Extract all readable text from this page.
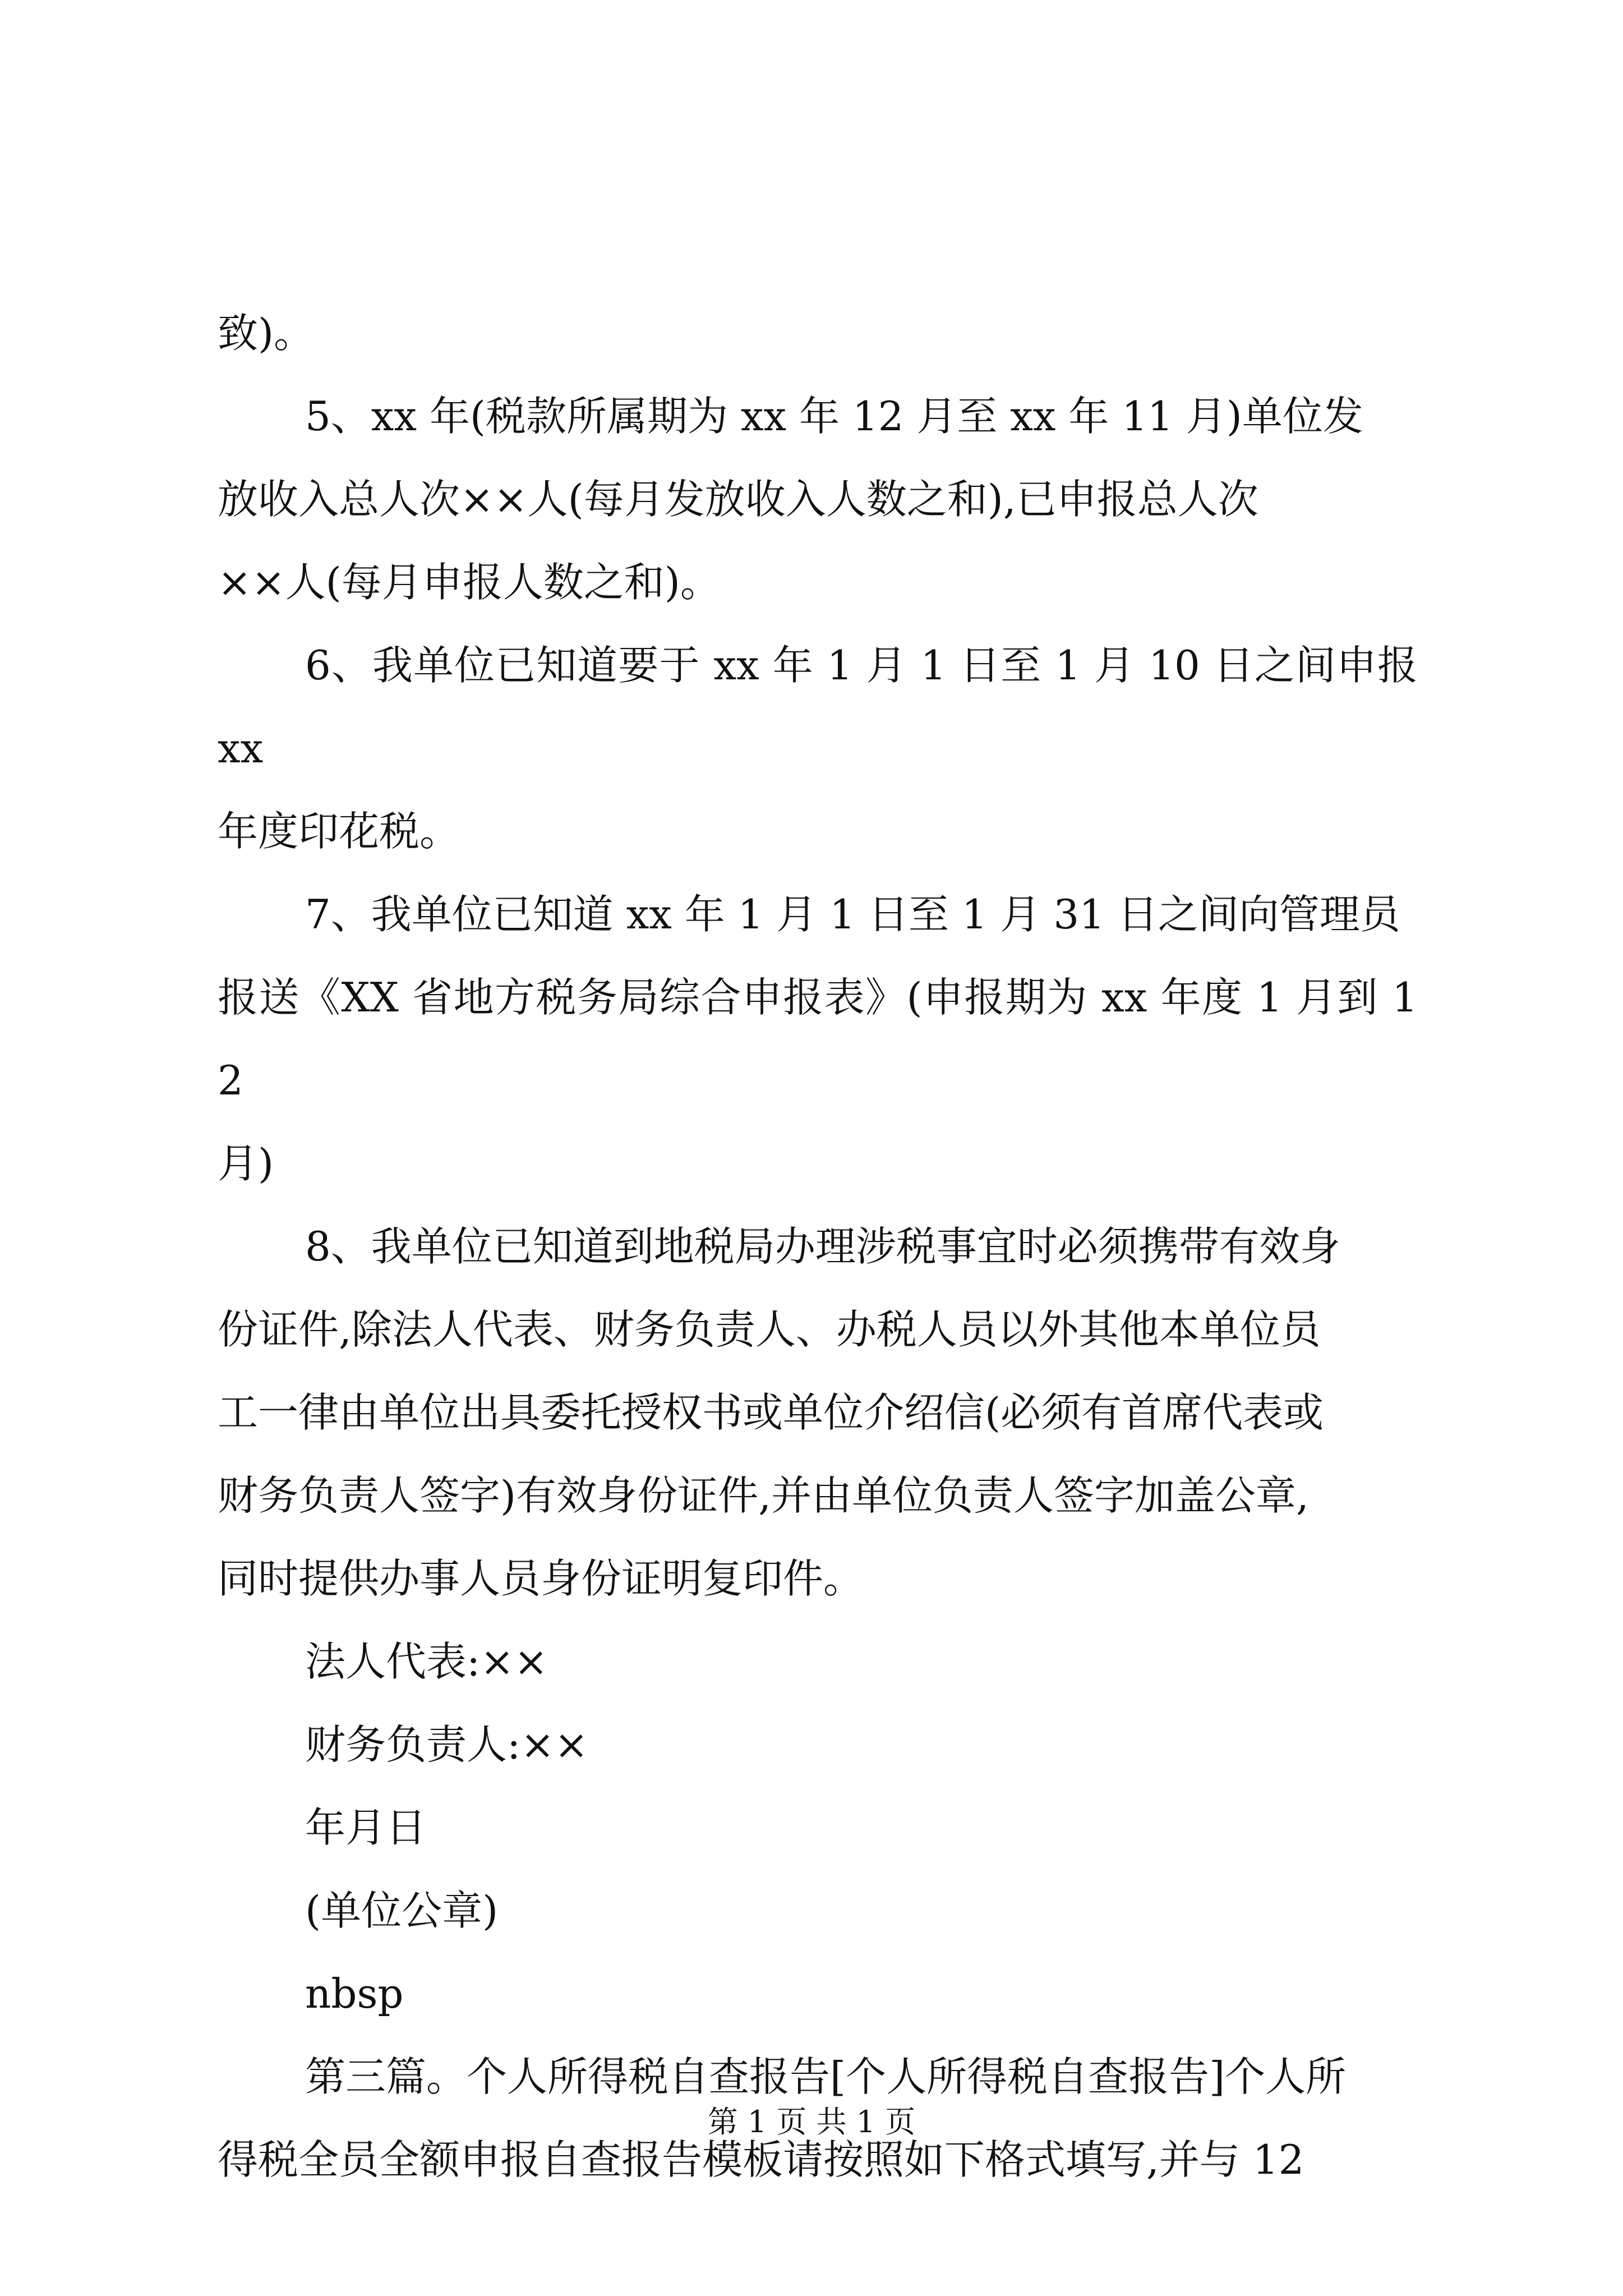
致)。

5、xx 年(税款所属期为 xx 年 12 月至 xx 年 11 月)单位发
放收入总人次××人(每月发放收入人数之和),已申报总人次
××人(每月申报人数之和)。

6、我单位已知道要于 xx 年 1 月 1 日至 1 月 10 日之间申报 xx
年度印花税。

7、我单位已知道 xx 年 1 月 1 日至 1 月 31 日之间向管理员
报送《XX 省地方税务局综合申报表》(申报期为 xx 年度 1 月到 12
月)

8、我单位已知道到地税局办理涉税事宜时必须携带有效身
份证件,除法人代表、财务负责人、办税人员以外其他本单位员
工一律由单位出具委托授权书或单位介绍信(必须有首席代表或
财务负责人签字)有效身份证件,并由单位负责人签字加盖公章,
同时提供办事人员身份证明复印件。

法人代表:××

财务负责人:××

年月日

(单位公章)

nbsp

第三篇。个人所得税自查报告[个人所得税自查报告]个人所
得税全员全额申报自查报告模板请按照如下格式填写,并与 12

第 1 页 共 1 页
